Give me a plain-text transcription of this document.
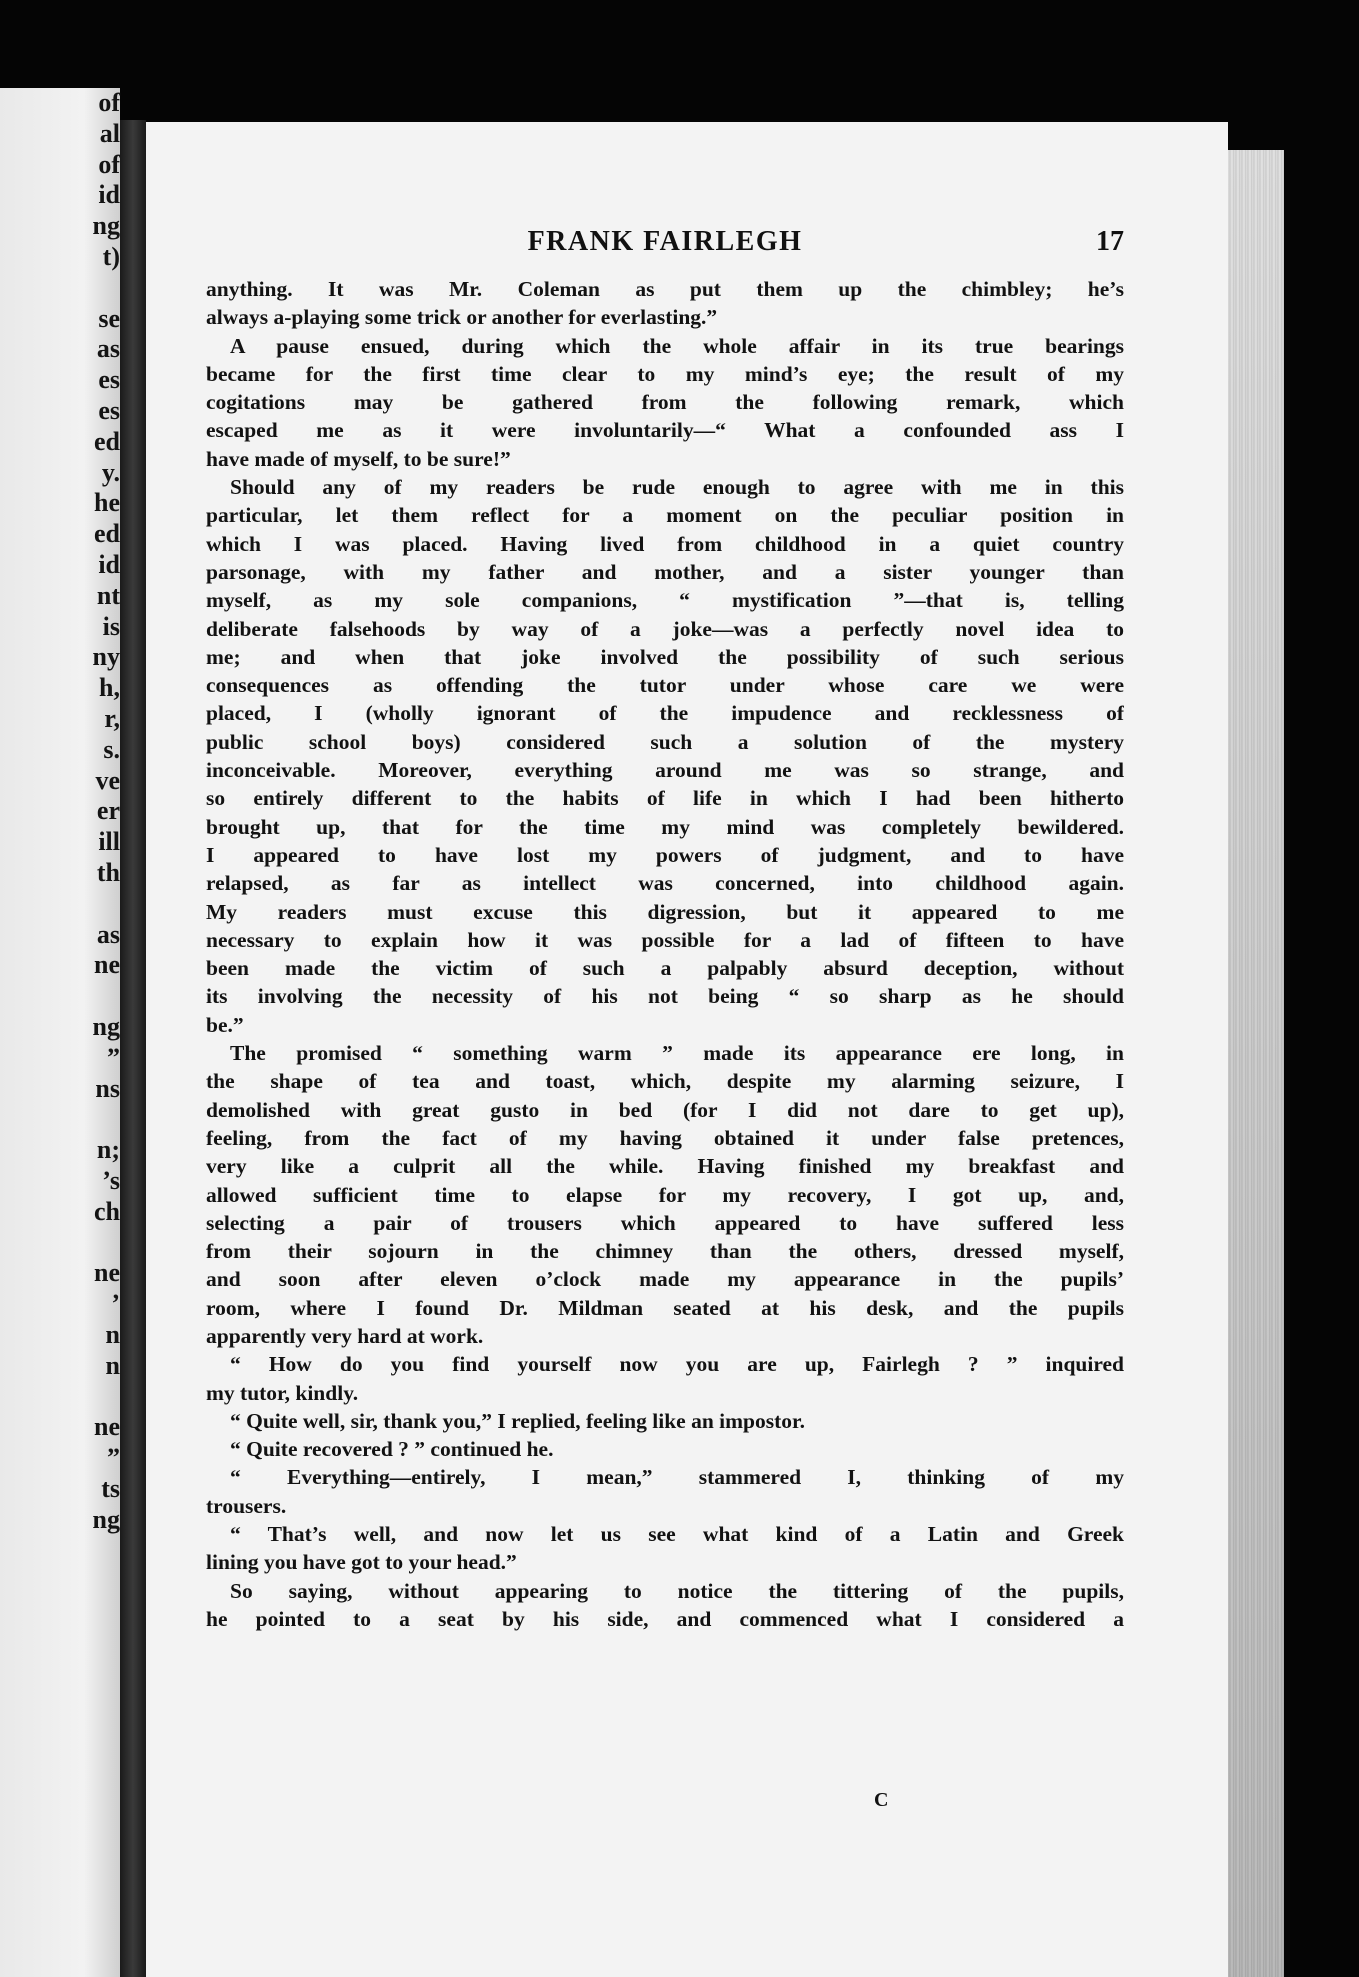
of
al
of
id
ng
t)
se
as
es
es
ed
y.
he
ed
id
nt
is
ny
h,
r,
s.
ve
er
ill
th
as
ne
ng
”
ns
n;
’s
ch
ne
’
n
n
ne
”
ts
ng
FRANK FAIRLEGH	17
anything. It was Mr. Coleman as put them up the chimbley; he’s
always a-playing some trick or another for everlasting.”
A pause ensued, during which the whole affair in its true bearings
became for the first time clear to my mind’s eye; the result of my
cogitations may be gathered from the following remark, which
escaped me as it were involuntarily—“ What a confounded ass I
have made of myself, to be sure!”
Should any of my readers be rude enough to agree with me in this
particular, let them reflect for a moment on the peculiar position in
which I was placed. Having lived from childhood in a quiet country
parsonage, with my father and mother, and a sister younger than
myself, as my sole companions, “ mystification ”—that is, telling
deliberate falsehoods by way of a joke—was a perfectly novel idea to
me; and when that joke involved the possibility of such serious
consequences as offending the tutor under whose care we were
placed, I (wholly ignorant of the impudence and recklessness of
public school boys) considered such a solution of the mystery
inconceivable. Moreover, everything around me was so strange, and
so entirely different to the habits of life in which I had been hitherto
brought up, that for the time my mind was completely bewildered.
I appeared to have lost my powers of judgment, and to have
relapsed, as far as intellect was concerned, into childhood again.
My readers must excuse this digression, but it appeared to me
necessary to explain how it was possible for a lad of fifteen to have
been made the victim of such a palpably absurd deception, without
its involving the necessity of his not being “ so sharp as he should
be.”
The promised “ something warm ” made its appearance ere long, in
the shape of tea and toast, which, despite my alarming seizure, I
demolished with great gusto in bed (for I did not dare to get up),
feeling, from the fact of my having obtained it under false pretences,
very like a culprit all the while. Having finished my breakfast and
allowed sufficient time to elapse for my recovery, I got up, and,
selecting a pair of trousers which appeared to have suffered less
from their sojourn in the chimney than the others, dressed myself,
and soon after eleven o’clock made my appearance in the pupils’
room, where I found Dr. Mildman seated at his desk, and the pupils
apparently very hard at work.
“ How do you find yourself now you are up, Fairlegh ? ” inquired
my tutor, kindly.
“ Quite well, sir, thank you,” I replied, feeling like an impostor.
“ Quite recovered ? ” continued he.
“ Everything—entirely, I mean,” stammered I, thinking of my
trousers.
“ That’s well, and now let us see what kind of a Latin and Greek
lining you have got to your head.”
So saying, without appearing to notice the tittering of the pupils,
he pointed to a seat by his side, and commenced what I considered a
C
